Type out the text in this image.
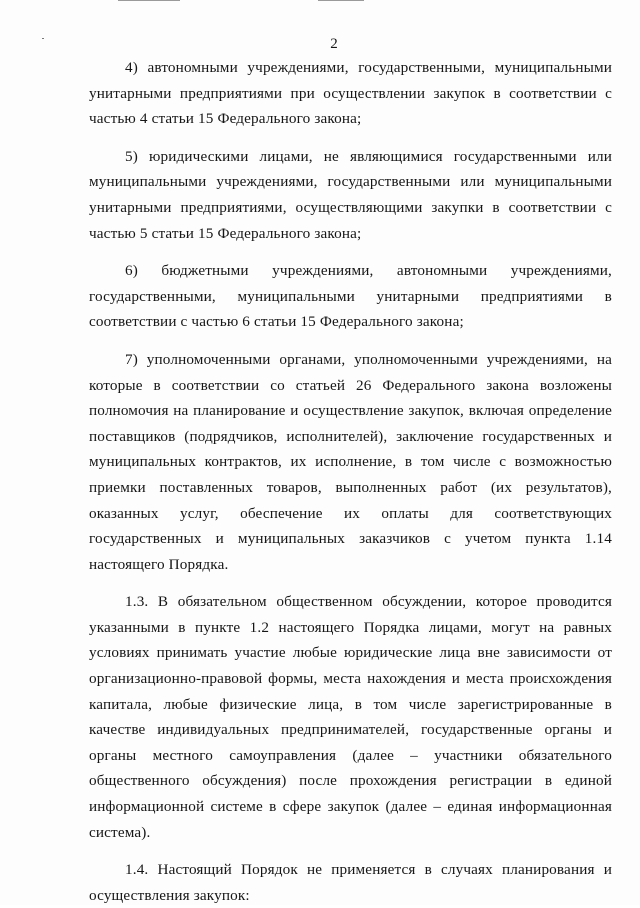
2

4) автономными учреждениями, государственными, муниципальными унитарными предприятиями при осуществлении закупок в соответствии с частью 4 статьи 15 Федерального закона;

5) юридическими лицами, не являющимися государственными или муниципальными учреждениями, государственными или муниципальными унитарными предприятиями, осуществляющими закупки в соответствии с частью 5 статьи 15 Федерального закона;

6) бюджетными учреждениями, автономными учреждениями, государственными, муниципальными унитарными предприятиями в соответствии с частью 6 статьи 15 Федерального закона;

7) уполномоченными органами, уполномоченными учреждениями, на которые в соответствии со статьей 26 Федерального закона возложены полномочия на планирование и осуществление закупок, включая определение поставщиков (подрядчиков, исполнителей), заключение государственных и муниципальных контрактов, их исполнение, в том числе с возможностью приемки поставленных товаров, выполненных работ (их результатов), оказанных услуг, обеспечение их оплаты для соответствующих государственных и муниципальных заказчиков с учетом пункта 1.14 настоящего Порядка.

1.3. В обязательном общественном обсуждении, которое проводится указанными в пункте 1.2 настоящего Порядка лицами, могут на равных условиях принимать участие любые юридические лица вне зависимости от организационно-правовой формы, места нахождения и места происхождения капитала, любые физические лица, в том числе зарегистрированные в качестве индивидуальных предпринимателей, государственные органы и органы местного самоуправления (далее – участники обязательного общественного обсуждения) после прохождения регистрации в единой информационной системе в сфере закупок (далее – единая информационная система).

1.4. Настоящий Порядок не применяется в случаях планирования и осуществления закупок:
